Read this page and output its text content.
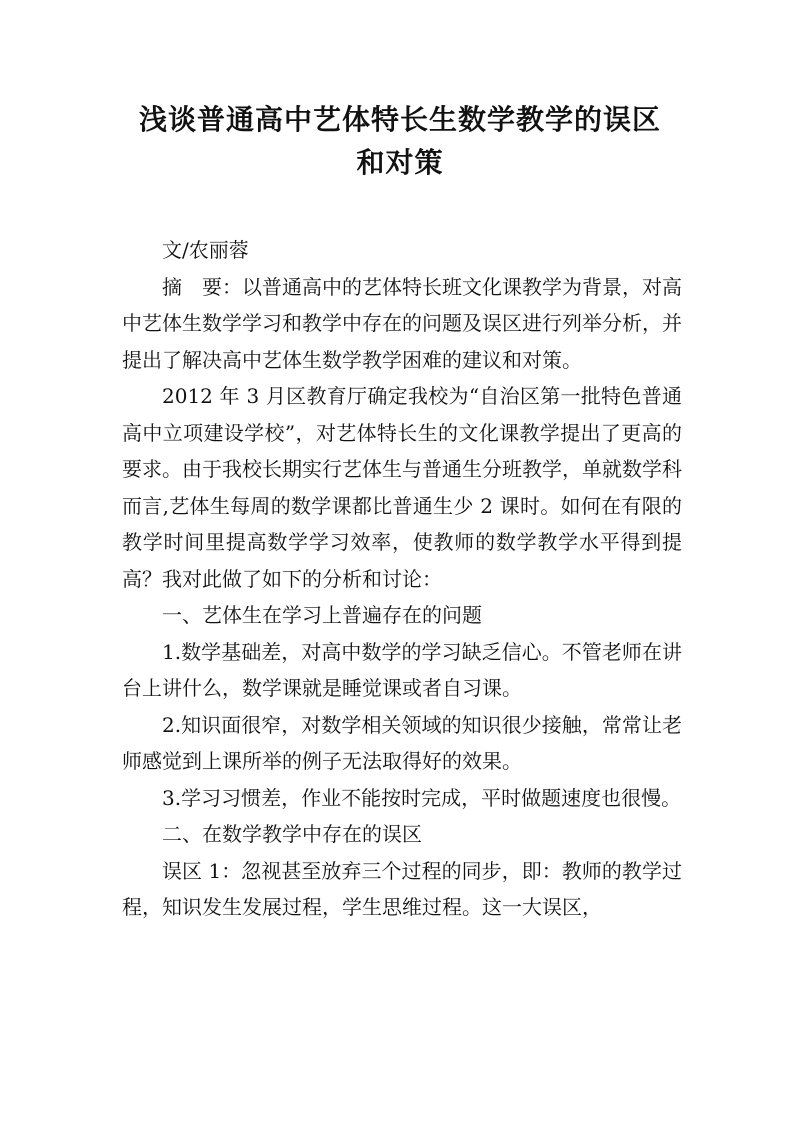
浅谈普通高中艺体特长生数学教学的误区
和对策

文/农丽蓉

摘　要：以普通高中的艺体特长班文化课教学为背景，对高中艺体生数学学习和教学中存在的问题及误区进行列举分析，并提出了解决高中艺体生数学教学困难的建议和对策。

2012 年 3 月区教育厅确定我校为“自治区第一批特色普通高中立项建设学校”，对艺体特长生的文化课教学提出了更高的要求。由于我校长期实行艺体生与普通生分班教学，单就数学科而言,艺体生每周的数学课都比普通生少 2 课时。如何在有限的教学时间里提高数学学习效率，使教师的数学教学水平得到提高？我对此做了如下的分析和讨论：

一、艺体生在学习上普遍存在的问题

1.数学基础差，对高中数学的学习缺乏信心。不管老师在讲台上讲什么，数学课就是睡觉课或者自习课。

2.知识面很窄，对数学相关领域的知识很少接触，常常让老师感觉到上课所举的例子无法取得好的效果。

3.学习习惯差，作业不能按时完成，平时做题速度也很慢。

二、在数学教学中存在的误区

误区 1：忽视甚至放弃三个过程的同步，即：教师的教学过程，知识发生发展过程，学生思维过程。这一大误区，
